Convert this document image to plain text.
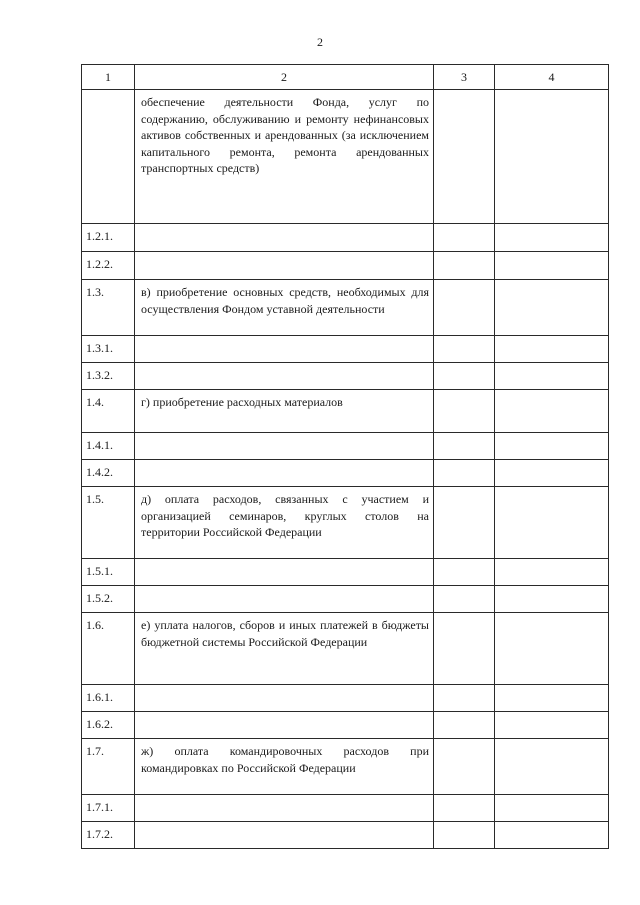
2
1	2	3	4
	обеспечение деятельности Фонда, услуг по содержанию, обслуживанию и ремонту нефинансовых активов собственных и арендованных (за исключением капитального ремонта, ремонта арендованных транспортных средств)		
1.2.1.			
1.2.2.			
1.3.	в) приобретение основных средств, необходимых для осуществления Фондом уставной деятельности		
1.3.1.			
1.3.2.			
1.4.	г) приобретение расходных материалов		
1.4.1.			
1.4.2.			
1.5.	д) оплата расходов, связанных с участием и организацией семинаров, круглых столов на территории Российской Федерации		
1.5.1.			
1.5.2.			
1.6.	е) уплата налогов, сборов и иных платежей в бюджеты бюджетной системы Российской Федерации		
1.6.1.			
1.6.2.			
1.7.	ж) оплата командировочных расходов при командировках по Российской Федерации		
1.7.1.			
1.7.2.			
